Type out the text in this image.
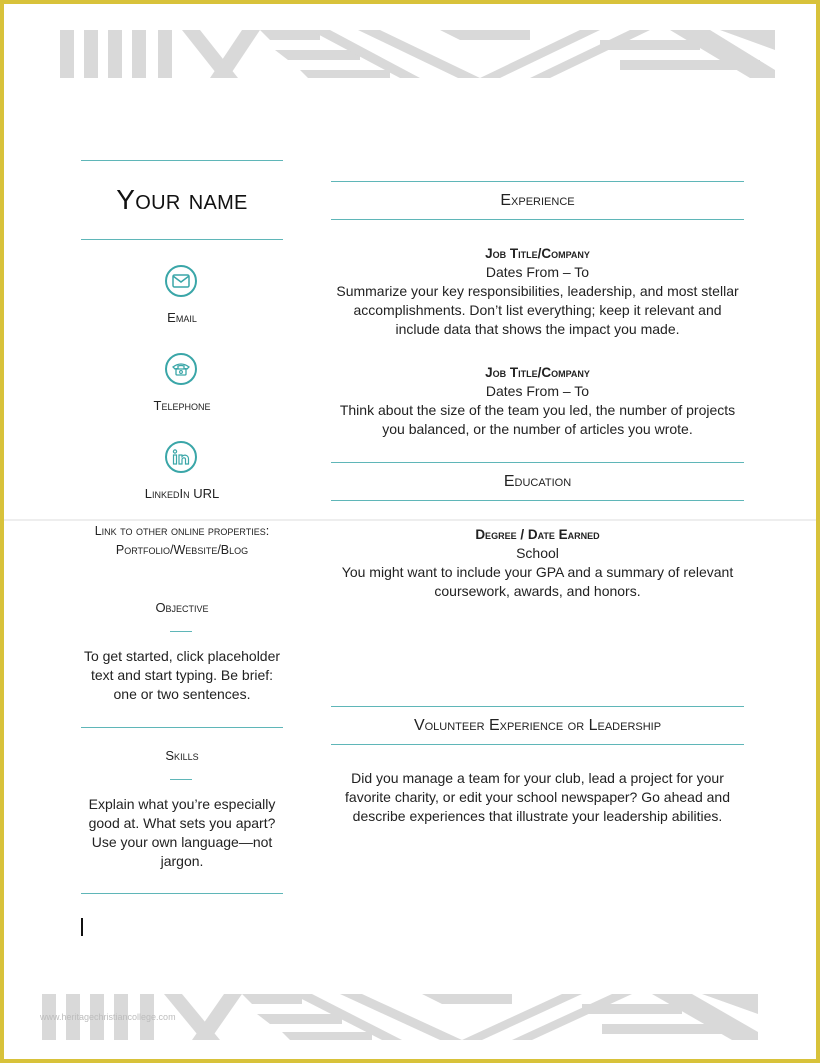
Your name
Email
Telephone
LinkedIn URL
Link to other online properties:
Portfolio/Website/Blog
Objective
To get started, click placeholder text and start typing. Be brief: one or two sentences.
Skills
Explain what you’re especially good at. What sets you apart? Use your own language—not jargon.
Experience
Job Title/Company
Dates From – To
Summarize your key responsibilities, leadership, and most stellar accomplishments. Don’t list everything; keep it relevant and include data that shows the impact you made.
Job Title/Company
Dates From – To
Think about the size of the team you led, the number of projects you balanced, or the number of articles you wrote.
Education
Degree / Date Earned
School
You might want to include your GPA and a summary of relevant coursework, awards, and honors.
Volunteer Experience or Leadership
Did you manage a team for your club, lead a project for your favorite charity, or edit your school newspaper? Go ahead and describe experiences that illustrate your leadership abilities.
www.heritagechristiancollege.com
